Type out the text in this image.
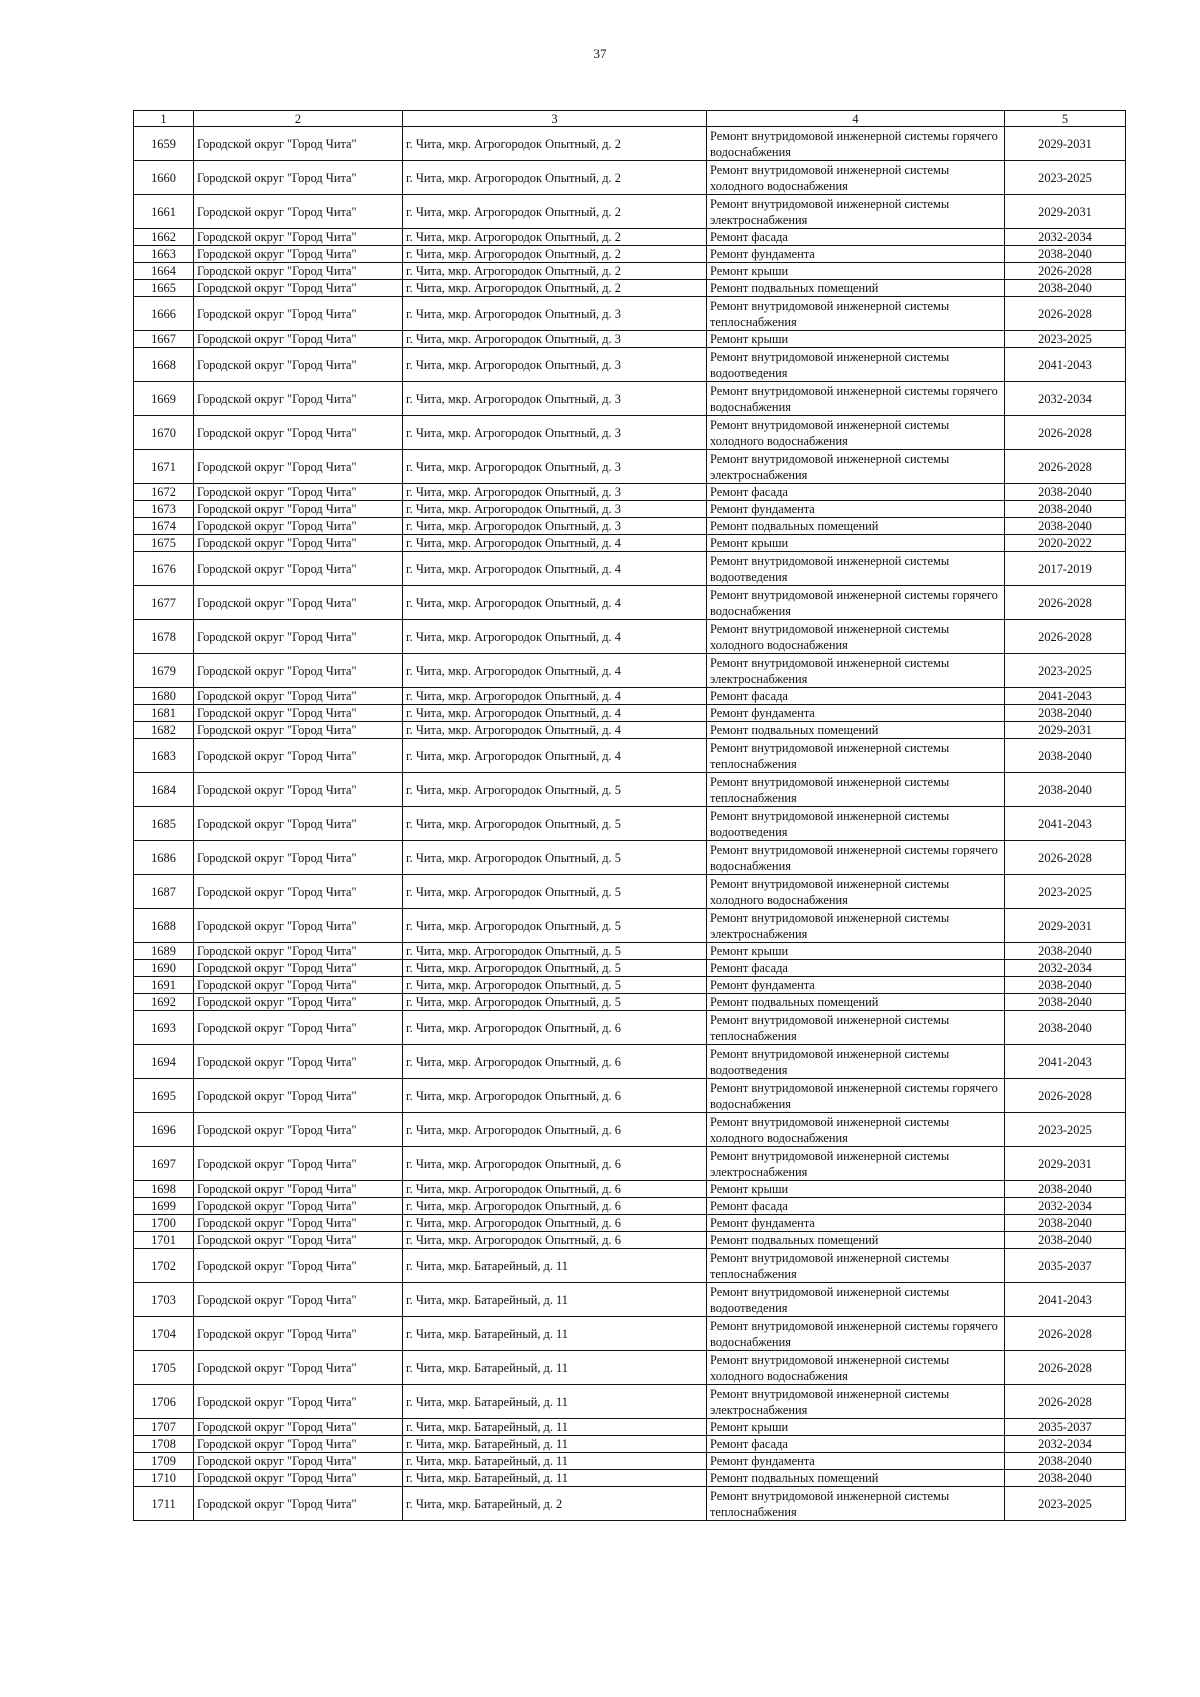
37
1	2	3	4	5
1659	Городской округ "Город Чита"	г. Чита, мкр. Агрогородок Опытный, д. 2	Ремонт внутридомовой инженерной системы горячего водоснабжения	2029-2031
1660	Городской округ "Город Чита"	г. Чита, мкр. Агрогородок Опытный, д. 2	Ремонт внутридомовой инженерной системы холодного водоснабжения	2023-2025
1661	Городской округ "Город Чита"	г. Чита, мкр. Агрогородок Опытный, д. 2	Ремонт внутридомовой инженерной системы электроснабжения	2029-2031
1662	Городской округ "Город Чита"	г. Чита, мкр. Агрогородок Опытный, д. 2	Ремонт фасада	2032-2034
1663	Городской округ "Город Чита"	г. Чита, мкр. Агрогородок Опытный, д. 2	Ремонт фундамента	2038-2040
1664	Городской округ "Город Чита"	г. Чита, мкр. Агрогородок Опытный, д. 2	Ремонт крыши	2026-2028
1665	Городской округ "Город Чита"	г. Чита, мкр. Агрогородок Опытный, д. 2	Ремонт подвальных помещений	2038-2040
1666	Городской округ "Город Чита"	г. Чита, мкр. Агрогородок Опытный, д. 3	Ремонт внутридомовой инженерной системы теплоснабжения	2026-2028
1667	Городской округ "Город Чита"	г. Чита, мкр. Агрогородок Опытный, д. 3	Ремонт крыши	2023-2025
1668	Городской округ "Город Чита"	г. Чита, мкр. Агрогородок Опытный, д. 3	Ремонт внутридомовой инженерной системы водоотведения	2041-2043
1669	Городской округ "Город Чита"	г. Чита, мкр. Агрогородок Опытный, д. 3	Ремонт внутридомовой инженерной системы горячего водоснабжения	2032-2034
1670	Городской округ "Город Чита"	г. Чита, мкр. Агрогородок Опытный, д. 3	Ремонт внутридомовой инженерной системы холодного водоснабжения	2026-2028
1671	Городской округ "Город Чита"	г. Чита, мкр. Агрогородок Опытный, д. 3	Ремонт внутридомовой инженерной системы электроснабжения	2026-2028
1672	Городской округ "Город Чита"	г. Чита, мкр. Агрогородок Опытный, д. 3	Ремонт фасада	2038-2040
1673	Городской округ "Город Чита"	г. Чита, мкр. Агрогородок Опытный, д. 3	Ремонт фундамента	2038-2040
1674	Городской округ "Город Чита"	г. Чита, мкр. Агрогородок Опытный, д. 3	Ремонт подвальных помещений	2038-2040
1675	Городской округ "Город Чита"	г. Чита, мкр. Агрогородок Опытный, д. 4	Ремонт крыши	2020-2022
1676	Городской округ "Город Чита"	г. Чита, мкр. Агрогородок Опытный, д. 4	Ремонт внутридомовой инженерной системы водоотведения	2017-2019
1677	Городской округ "Город Чита"	г. Чита, мкр. Агрогородок Опытный, д. 4	Ремонт внутридомовой инженерной системы горячего водоснабжения	2026-2028
1678	Городской округ "Город Чита"	г. Чита, мкр. Агрогородок Опытный, д. 4	Ремонт внутридомовой инженерной системы холодного водоснабжения	2026-2028
1679	Городской округ "Город Чита"	г. Чита, мкр. Агрогородок Опытный, д. 4	Ремонт внутридомовой инженерной системы электроснабжения	2023-2025
1680	Городской округ "Город Чита"	г. Чита, мкр. Агрогородок Опытный, д. 4	Ремонт фасада	2041-2043
1681	Городской округ "Город Чита"	г. Чита, мкр. Агрогородок Опытный, д. 4	Ремонт фундамента	2038-2040
1682	Городской округ "Город Чита"	г. Чита, мкр. Агрогородок Опытный, д. 4	Ремонт подвальных помещений	2029-2031
1683	Городской округ "Город Чита"	г. Чита, мкр. Агрогородок Опытный, д. 4	Ремонт внутридомовой инженерной системы теплоснабжения	2038-2040
1684	Городской округ "Город Чита"	г. Чита, мкр. Агрогородок Опытный, д. 5	Ремонт внутридомовой инженерной системы теплоснабжения	2038-2040
1685	Городской округ "Город Чита"	г. Чита, мкр. Агрогородок Опытный, д. 5	Ремонт внутридомовой инженерной системы водоотведения	2041-2043
1686	Городской округ "Город Чита"	г. Чита, мкр. Агрогородок Опытный, д. 5	Ремонт внутридомовой инженерной системы горячего водоснабжения	2026-2028
1687	Городской округ "Город Чита"	г. Чита, мкр. Агрогородок Опытный, д. 5	Ремонт внутридомовой инженерной системы холодного водоснабжения	2023-2025
1688	Городской округ "Город Чита"	г. Чита, мкр. Агрогородок Опытный, д. 5	Ремонт внутридомовой инженерной системы электроснабжения	2029-2031
1689	Городской округ "Город Чита"	г. Чита, мкр. Агрогородок Опытный, д. 5	Ремонт крыши	2038-2040
1690	Городской округ "Город Чита"	г. Чита, мкр. Агрогородок Опытный, д. 5	Ремонт фасада	2032-2034
1691	Городской округ "Город Чита"	г. Чита, мкр. Агрогородок Опытный, д. 5	Ремонт фундамента	2038-2040
1692	Городской округ "Город Чита"	г. Чита, мкр. Агрогородок Опытный, д. 5	Ремонт подвальных помещений	2038-2040
1693	Городской округ "Город Чита"	г. Чита, мкр. Агрогородок Опытный, д. 6	Ремонт внутридомовой инженерной системы теплоснабжения	2038-2040
1694	Городской округ "Город Чита"	г. Чита, мкр. Агрогородок Опытный, д. 6	Ремонт внутридомовой инженерной системы водоотведения	2041-2043
1695	Городской округ "Город Чита"	г. Чита, мкр. Агрогородок Опытный, д. 6	Ремонт внутридомовой инженерной системы горячего водоснабжения	2026-2028
1696	Городской округ "Город Чита"	г. Чита, мкр. Агрогородок Опытный, д. 6	Ремонт внутридомовой инженерной системы холодного водоснабжения	2023-2025
1697	Городской округ "Город Чита"	г. Чита, мкр. Агрогородок Опытный, д. 6	Ремонт внутридомовой инженерной системы электроснабжения	2029-2031
1698	Городской округ "Город Чита"	г. Чита, мкр. Агрогородок Опытный, д. 6	Ремонт крыши	2038-2040
1699	Городской округ "Город Чита"	г. Чита, мкр. Агрогородок Опытный, д. 6	Ремонт фасада	2032-2034
1700	Городской округ "Город Чита"	г. Чита, мкр. Агрогородок Опытный, д. 6	Ремонт фундамента	2038-2040
1701	Городской округ "Город Чита"	г. Чита, мкр. Агрогородок Опытный, д. 6	Ремонт подвальных помещений	2038-2040
1702	Городской округ "Город Чита"	г. Чита, мкр. Батарейный, д. 11	Ремонт внутридомовой инженерной системы теплоснабжения	2035-2037
1703	Городской округ "Город Чита"	г. Чита, мкр. Батарейный, д. 11	Ремонт внутридомовой инженерной системы водоотведения	2041-2043
1704	Городской округ "Город Чита"	г. Чита, мкр. Батарейный, д. 11	Ремонт внутридомовой инженерной системы горячего водоснабжения	2026-2028
1705	Городской округ "Город Чита"	г. Чита, мкр. Батарейный, д. 11	Ремонт внутридомовой инженерной системы холодного водоснабжения	2026-2028
1706	Городской округ "Город Чита"	г. Чита, мкр. Батарейный, д. 11	Ремонт внутридомовой инженерной системы электроснабжения	2026-2028
1707	Городской округ "Город Чита"	г. Чита, мкр. Батарейный, д. 11	Ремонт крыши	2035-2037
1708	Городской округ "Город Чита"	г. Чита, мкр. Батарейный, д. 11	Ремонт фасада	2032-2034
1709	Городской округ "Город Чита"	г. Чита, мкр. Батарейный, д. 11	Ремонт фундамента	2038-2040
1710	Городской округ "Город Чита"	г. Чита, мкр. Батарейный, д. 11	Ремонт подвальных помещений	2038-2040
1711	Городской округ "Город Чита"	г. Чита, мкр. Батарейный, д. 2	Ремонт внутридомовой инженерной системы теплоснабжения	2023-2025
